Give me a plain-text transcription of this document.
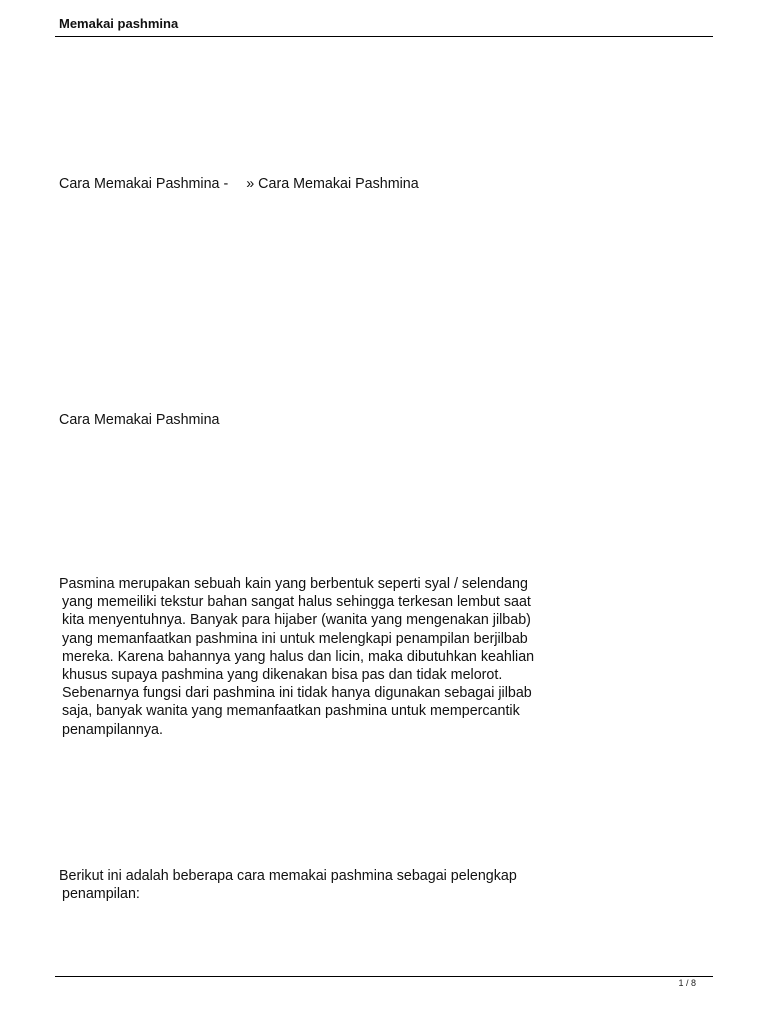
Memakai pashmina
Cara Memakai Pashmina - » Cara Memakai Pashmina
Cara Memakai Pashmina
Pasmina merupakan sebuah kain yang berbentuk seperti syal / selendang
yang memeiliki tekstur bahan sangat halus sehingga terkesan lembut saat
kita menyentuhnya. Banyak para hijaber (wanita yang mengenakan jilbab)
yang memanfaatkan pashmina ini untuk melengkapi penampilan berjilbab
mereka. Karena bahannya yang halus dan licin, maka dibutuhkan keahlian
khusus supaya pashmina yang dikenakan bisa pas dan tidak melorot.
Sebenarnya fungsi dari pashmina ini tidak hanya digunakan sebagai jilbab
saja, banyak wanita yang memanfaatkan pashmina untuk mempercantik
penampilannya.
Berikut ini adalah beberapa cara memakai pashmina sebagai pelengkap
penampilan:
1 / 8
